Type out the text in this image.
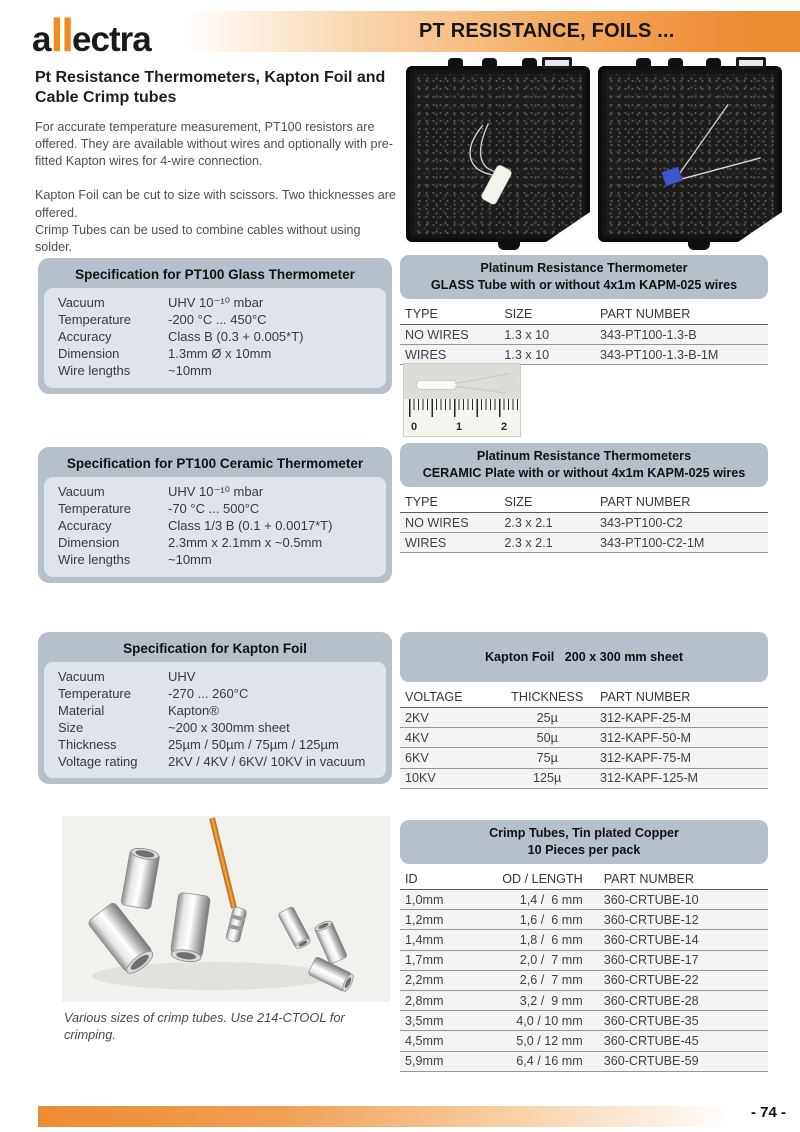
allectra	PT RESISTANCE, FOILS ...
Pt Resistance Thermometers, Kapton Foil and Cable Crimp tubes

For accurate temperature measurement, PT100 resistors are offered. They are available without wires and optionally with pre-fitted Kapton wires for 4-wire connection.

Kapton Foil can be cut to size with scissors. Two thicknesses are offered.

Crimp Tubes can be used to combine cables without using solder.

Specification for PT100 Glass Thermometer
Vacuum	UHV 10⁻¹⁰ mbar
Temperature	-200 °C ... 450°C
Accuracy	Class B (0.3 + 0.005*T)
Dimension	1.3mm Ø x 10mm
Wire lengths	~10mm
Platinum Resistance Thermometer
GLASS Tube with or without 4x1m KAPM-025 wires
TYPE	SIZE	PART NUMBER
NO WIRES	1.3 x 10	343-PT100-1.3-B
WIRES	1.3 x 10	343-PT100-1.3-B-1M
0	1	2
Specification for PT100 Ceramic Thermometer
Vacuum	UHV 10⁻¹⁰ mbar
Temperature	-70 °C ... 500°C
Accuracy	Class 1/3 B (0.1 + 0.0017*T)
Dimension	2.3mm x 2.1mm x ~0.5mm
Wire lengths	~10mm
Platinum Resistance Thermometers
CERAMIC Plate with or without 4x1m KAPM-025 wires
TYPE	SIZE	PART NUMBER
NO WIRES	2.3 x 2.1	343-PT100-C2
WIRES	2.3 x 2.1	343-PT100-C2-1M
Specification for Kapton Foil
Vacuum	UHV
Temperature	-270 ... 260°C
Material	Kapton®
Size	~200 x 300mm sheet
Thickness	25µm / 50µm / 75µm / 125µm
Voltage rating	2KV / 4KV / 6KV/ 10KV in vacuum
Kapton Foil   200 x 300 mm sheet
VOLTAGE	THICKNESS	PART NUMBER
2KV	25µ	312-KAPF-25-M
4KV	50µ	312-KAPF-50-M
6KV	75µ	312-KAPF-75-M
10KV	125µ	312-KAPF-125-M
Various sizes of crimp tubes. Use 214-CTOOL for crimping.
Crimp Tubes, Tin plated Copper
10 Pieces per pack
ID	OD / LENGTH	PART NUMBER
1,0mm	1,4 /  6 mm	360-CRTUBE-10
1,2mm	1,6 /  6 mm	360-CRTUBE-12
1,4mm	1,8 /  6 mm	360-CRTUBE-14
1,7mm	2,0 /  7 mm	360-CRTUBE-17
2,2mm	2,6 /  7 mm	360-CRTUBE-22
2,8mm	3,2 /  9 mm	360-CRTUBE-28
3,5mm	4,0 / 10 mm	360-CRTUBE-35
4,5mm	5,0 / 12 mm	360-CRTUBE-45
5,9mm	6,4 / 16 mm	360-CRTUBE-59
- 74 -
